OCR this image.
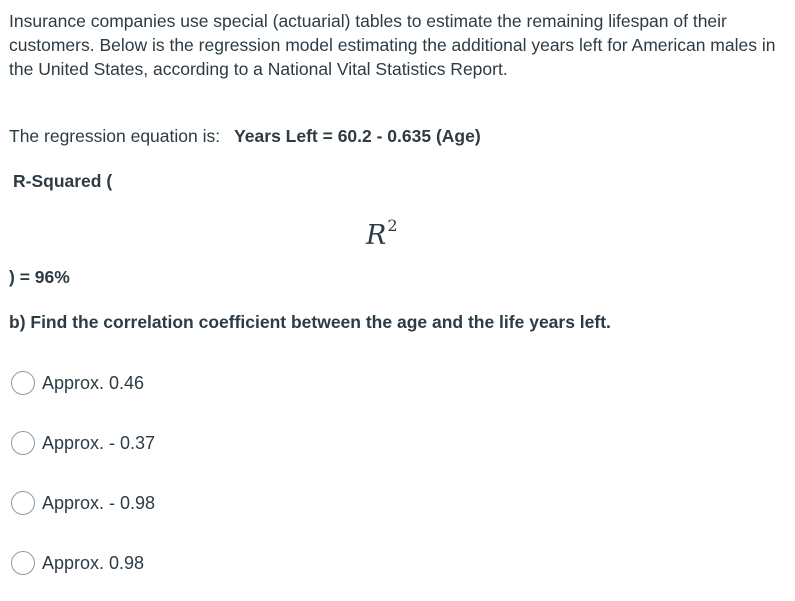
Insurance companies use special (actuarial) tables to estimate the remaining lifespan of their customers. Below is the regression model estimating the additional years left for American males in the United States, according to a National Vital Statistics Report.

The regression equation is: Years Left = 60.2 - 0.635 (Age)

R-Squared (

$R^2$

) = 96%

b) Find the correlation coefficient between the age and the life years left.

Approx. 0.46
Approx. - 0.37
Approx. - 0.98
Approx. 0.98
